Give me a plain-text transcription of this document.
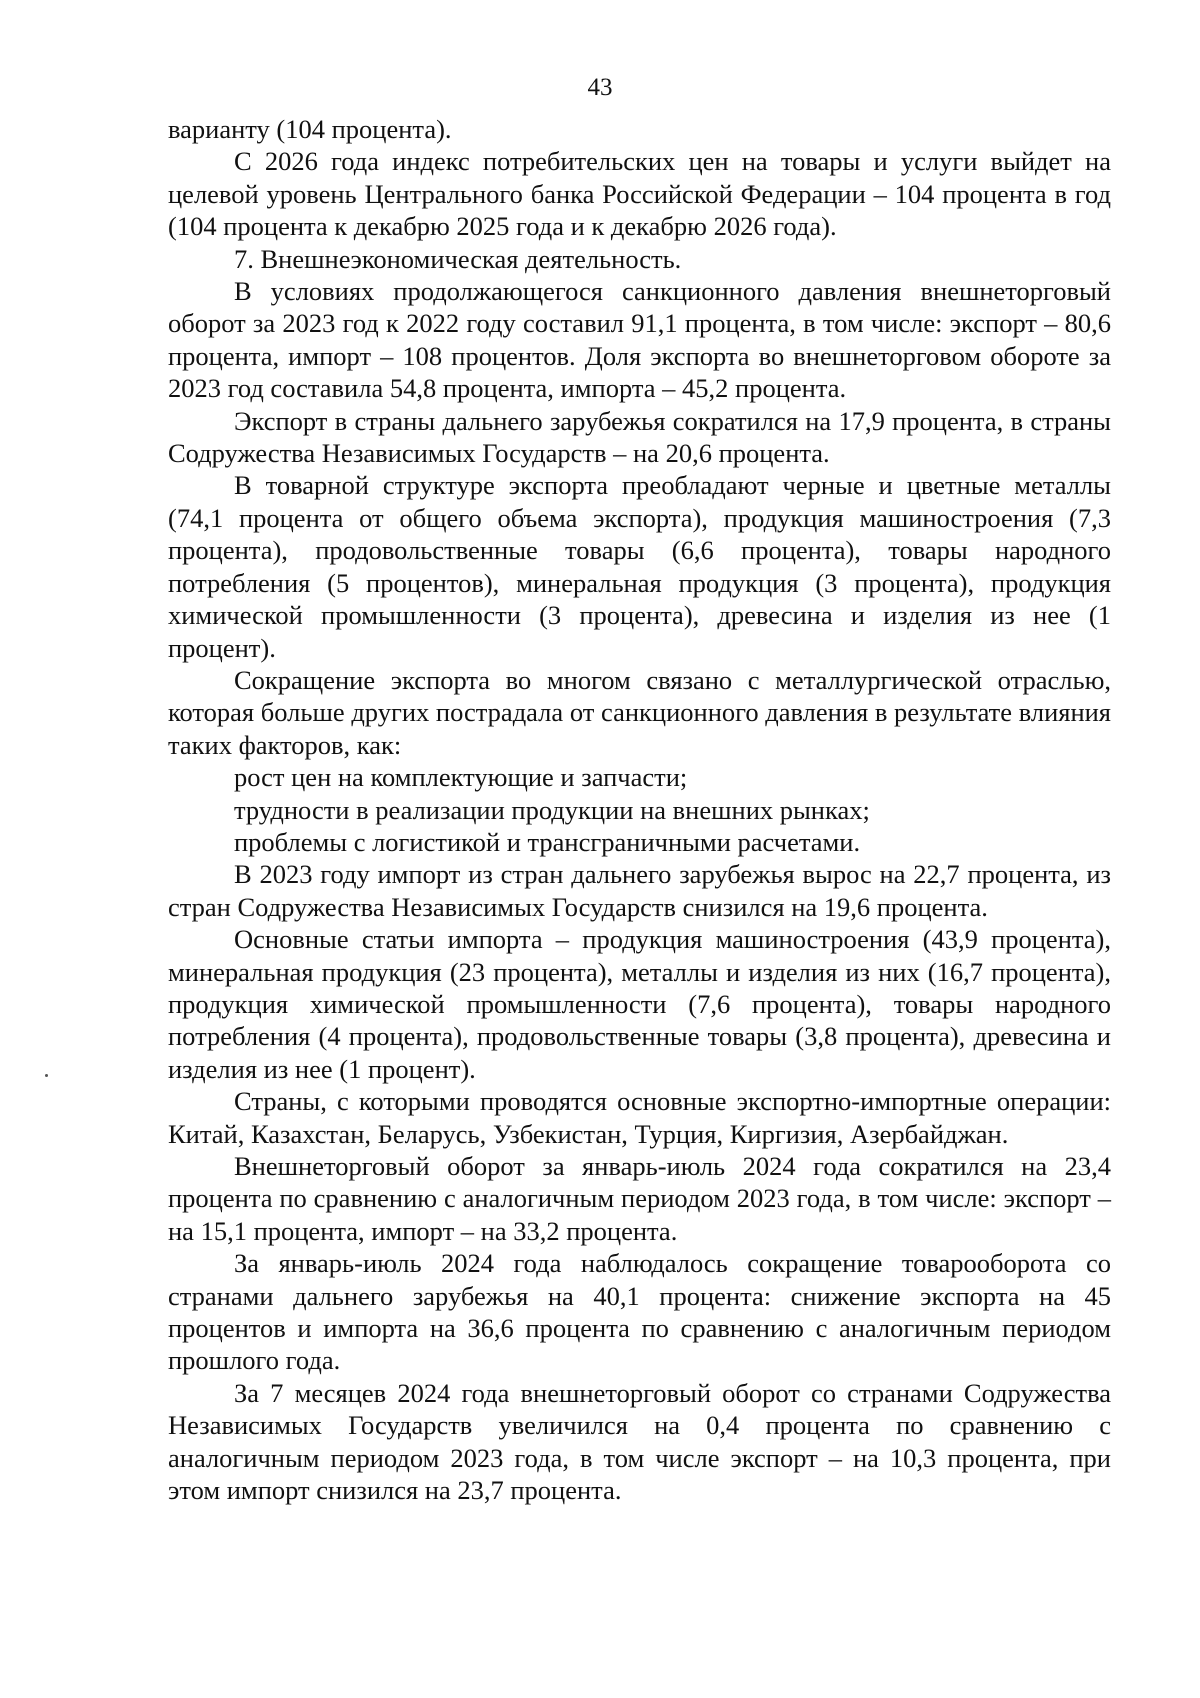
43

варианту (104 процента).

С 2026 года индекс потребительских цен на товары и услуги выйдет на целевой уровень Центрального банка Российской Федерации – 104 процента в год (104 процента к декабрю 2025 года и к декабрю 2026 года).

7. Внешнеэкономическая деятельность.

В условиях продолжающегося санкционного давления внешнеторговый оборот за 2023 год к 2022 году составил 91,1 процента, в том числе: экспорт – 80,6 процента, импорт – 108 процентов. Доля экспорта во внешнеторговом обороте за 2023 год составила 54,8 процента, импорта – 45,2 процента.

Экспорт в страны дальнего зарубежья сократился на 17,9 процента, в страны Содружества Независимых Государств – на 20,6 процента.

В товарной структуре экспорта преобладают черные и цветные металлы (74,1 процента от общего объема экспорта), продукция машиностроения (7,3 процента), продовольственные товары (6,6 процента), товары народного потребления (5 процентов), минеральная продукция (3 процента), продукция химической промышленности (3 процента), древесина и изделия из нее (1 процент).

Сокращение экспорта во многом связано с металлургической отраслью, которая больше других пострадала от санкционного давления в результате влияния таких факторов, как:

рост цен на комплектующие и запчасти;

трудности в реализации продукции на внешних рынках;

проблемы с логистикой и трансграничными расчетами.

В 2023 году импорт из стран дальнего зарубежья вырос на 22,7 процента, из стран Содружества Независимых Государств снизился на 19,6 процента.

Основные статьи импорта – продукция машиностроения (43,9 процента), минеральная продукция (23 процента), металлы и изделия из них (16,7 процента), продукция химической промышленности (7,6 процента), товары народного потребления (4 процента), продовольственные товары (3,8 процента), древесина и изделия из нее (1 процент).

Страны, с которыми проводятся основные экспортно-импортные операции: Китай, Казахстан, Беларусь, Узбекистан, Турция, Киргизия, Азербайджан.

Внешнеторговый оборот за январь-июль 2024 года сократился на 23,4 процента по сравнению с аналогичным периодом 2023 года, в том числе: экспорт – на 15,1 процента, импорт – на 33,2 процента.

За январь-июль 2024 года наблюдалось сокращение товарооборота со странами дальнего зарубежья на 40,1 процента: снижение экспорта на 45 процентов и импорта на 36,6 процента по сравнению с аналогичным периодом прошлого года.

За 7 месяцев 2024 года внешнеторговый оборот со странами Содружества Независимых Государств увеличился на 0,4 процента по сравнению с аналогичным периодом 2023 года, в том числе экспорт – на 10,3 процента, при этом импорт снизился на 23,7 процента.
